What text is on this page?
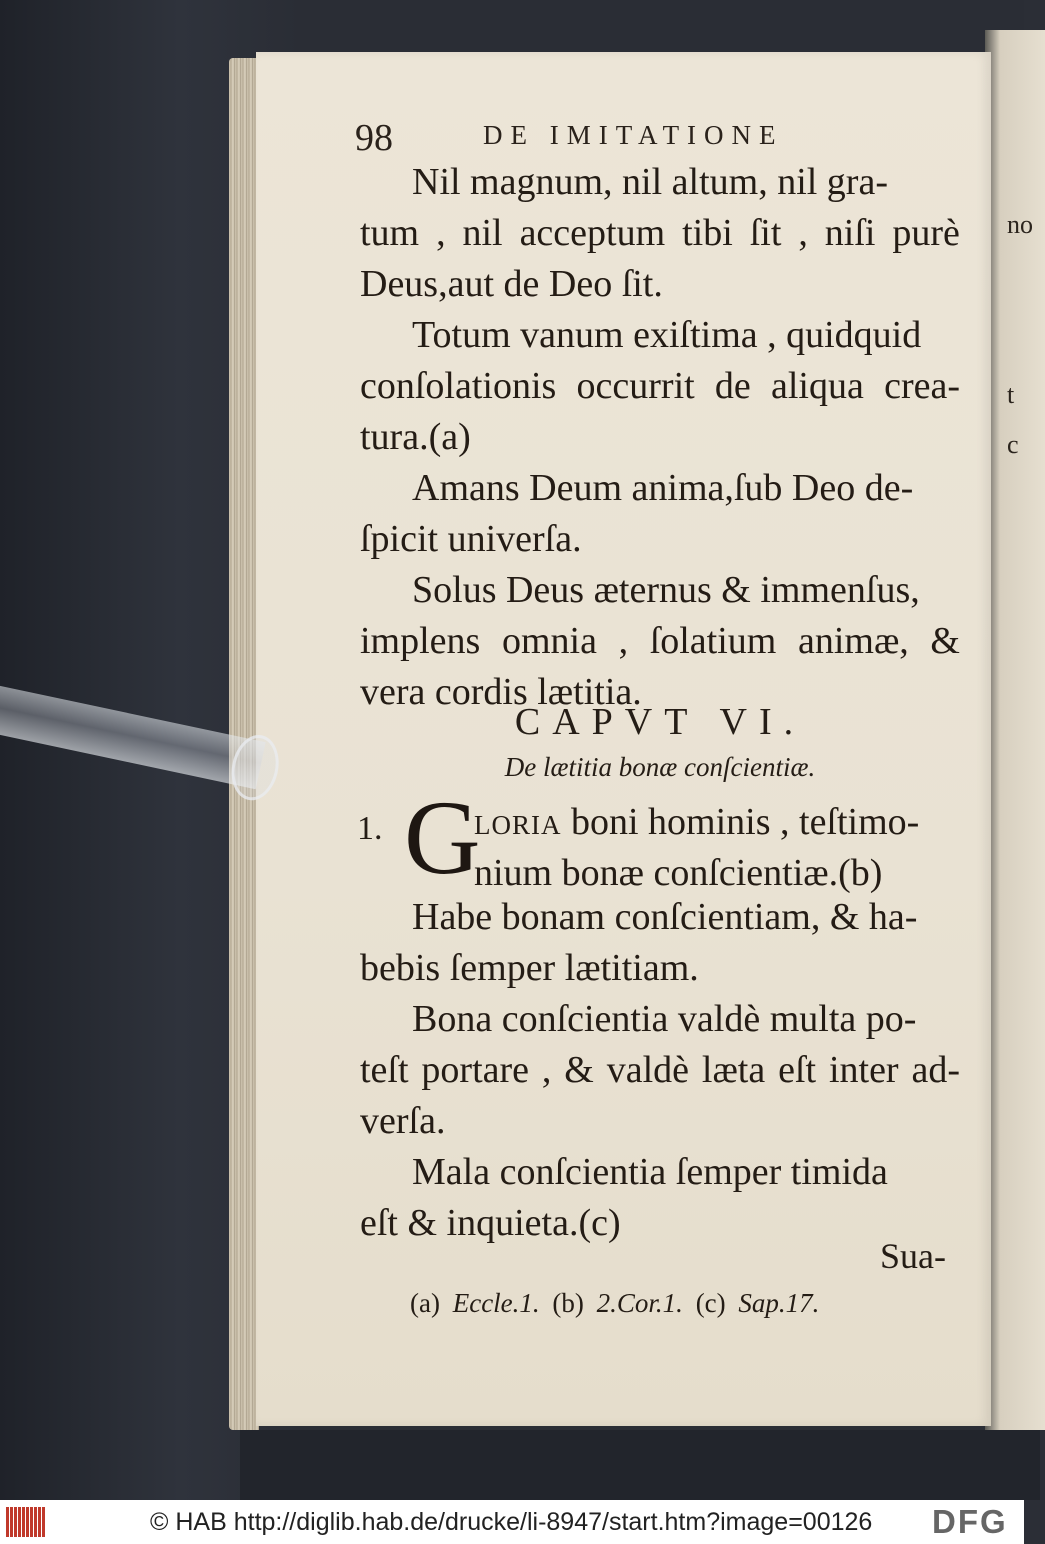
no
t
c
98	DE IMITATIONE
Nil magnum, nil altum, nil gra-
tum , nil acceptum tibi ſit , niſi purè
Deus,aut de Deo ſit.
Totum vanum exiſtima , quidquid
conſolationis occurrit de aliqua crea-
tura.(a)
Amans Deum anima,ſub Deo de-
ſpicit univerſa.
Solus Deus æternus & immenſus,
implens omnia , ſolatium animæ, &
vera cordis lætitia.
CAPVT VI.
De lætitia bonæ conſcientiæ.
1. G
LORIA boni hominis , teſtimo-
nium bonæ conſcientiæ.(b)
Habe bonam conſcientiam, & ha-
bebis ſemper lætitiam.
Bona conſcientia valdè multa po-
teſt portare , & valdè læta eſt inter ad-
verſa.
Mala conſcientia ſemper timida
eſt & inquieta.(c)
Sua-
(a) Eccle.1. (b) 2.Cor.1. (c) Sap.17.
© HAB http://diglib.hab.de/drucke/li-8947/start.htm?image=00126 DFG
